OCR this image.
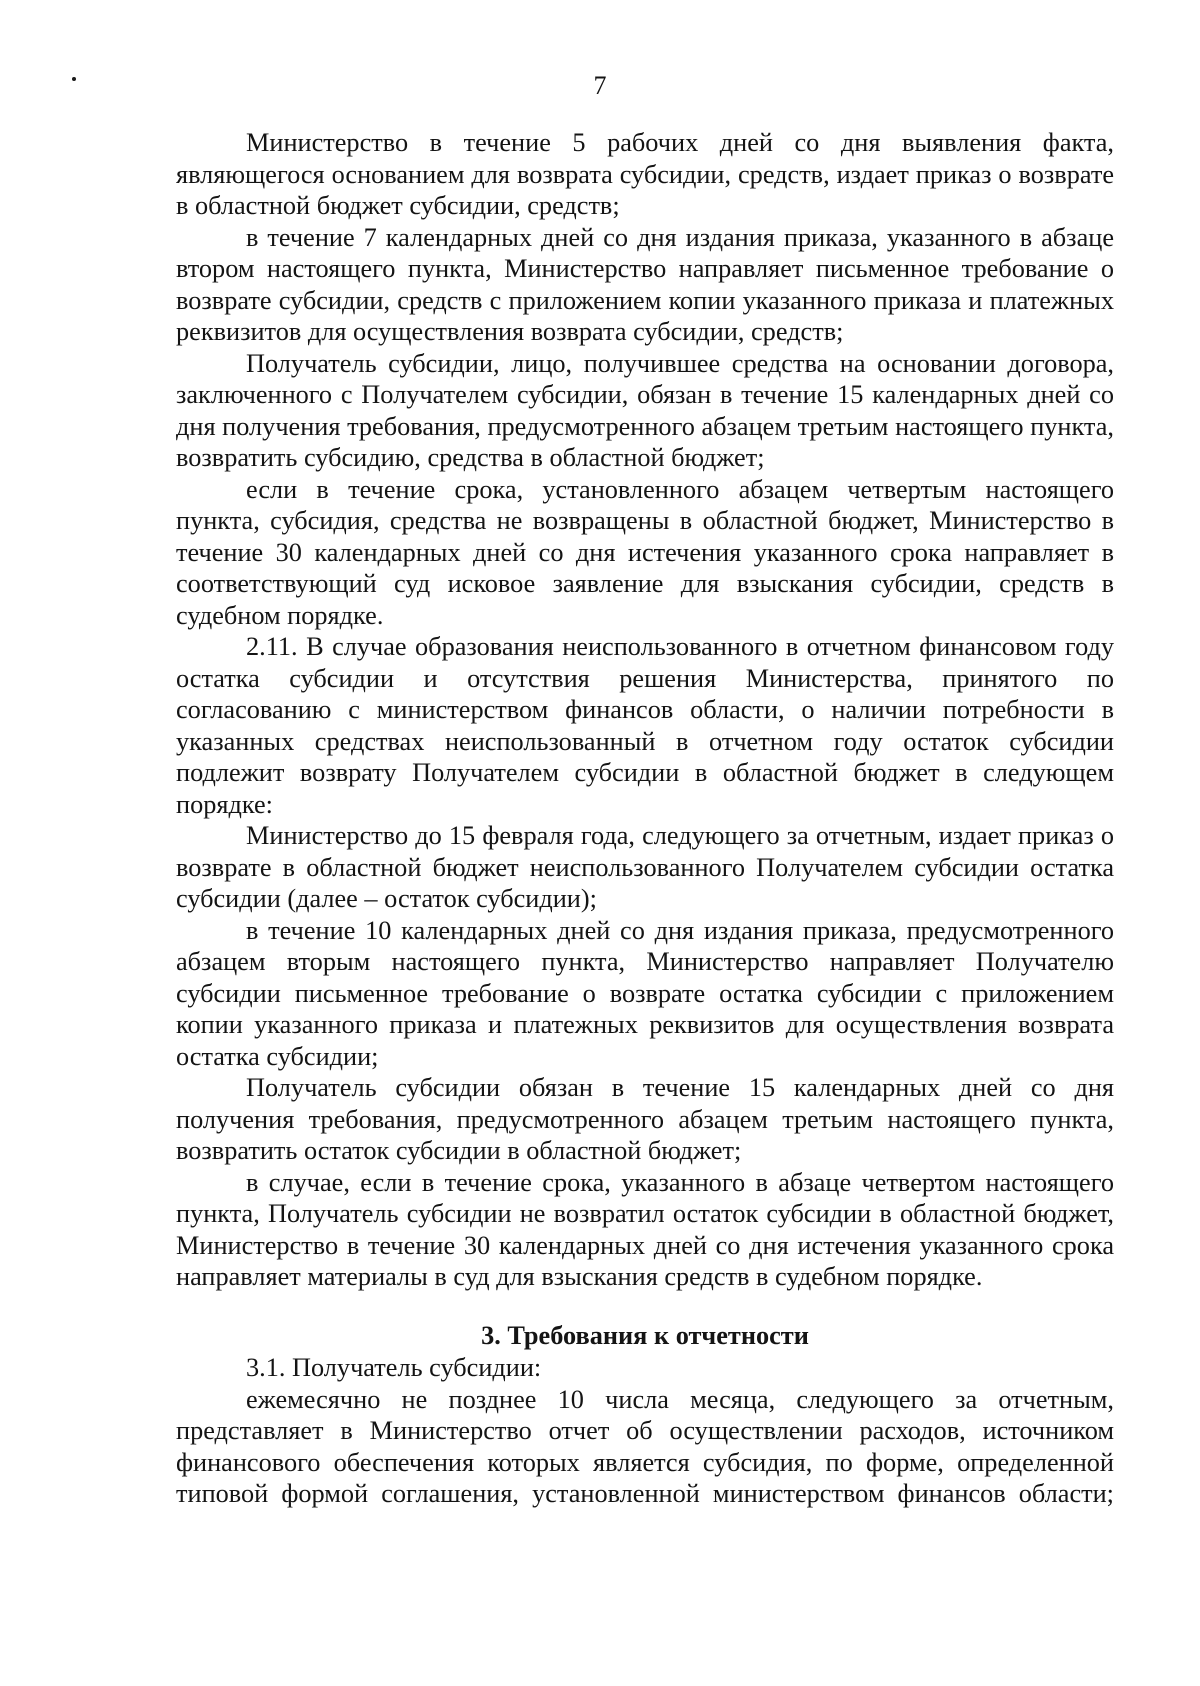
7

Министерство в течение 5 рабочих дней со дня выявления факта, являющегося основанием для возврата субсидии, средств, издает приказ о возврате в областной бюджет субсидии, средств;

в течение 7 календарных дней со дня издания приказа, указанного в абзаце втором настоящего пункта, Министерство направляет письменное требование о возврате субсидии, средств с приложением копии указанного приказа и платежных реквизитов для осуществления возврата субсидии, средств;

Получатель субсидии, лицо, получившее средства на основании договора, заключенного с Получателем субсидии, обязан в течение 15 календарных дней со дня получения требования, предусмотренного абзацем третьим настоящего пункта, возвратить субсидию, средства в областной бюджет;

если в течение срока, установленного абзацем четвертым настоящего пункта, субсидия, средства не возвращены в областной бюджет, Министерство в течение 30 календарных дней со дня истечения указанного срока направляет в соответствующий суд исковое заявление для взыскания субсидии, средств в судебном порядке.

2.11. В случае образования неиспользованного в отчетном финансовом году остатка субсидии и отсутствия решения Министерства, принятого по согласованию с министерством финансов области, о наличии потребности в указанных средствах неиспользованный в отчетном году остаток субсидии подлежит возврату Получателем субсидии в областной бюджет в следующем порядке:

Министерство до 15 февраля года, следующего за отчетным, издает приказ о возврате в областной бюджет неиспользованного Получателем субсидии остатка субсидии (далее – остаток субсидии);

в течение 10 календарных дней со дня издания приказа, предусмотренного абзацем вторым настоящего пункта, Министерство направляет Получателю субсидии письменное требование о возврате остатка субсидии с приложением копии указанного приказа и платежных реквизитов для осуществления возврата остатка субсидии;

Получатель субсидии обязан в течение 15 календарных дней со дня получения требования, предусмотренного абзацем третьим настоящего пункта, возвратить остаток субсидии в областной бюджет;

в случае, если в течение срока, указанного в абзаце четвертом настоящего пункта, Получатель субсидии не возвратил остаток субсидии в областной бюджет, Министерство в течение 30 календарных дней со дня истечения указанного срока направляет материалы в суд для взыскания средств в судебном порядке.

3. Требования к отчетности

3.1. Получатель субсидии:

ежемесячно не позднее 10 числа месяца, следующего за отчетным, представляет в Министерство отчет об осуществлении расходов, источником финансового обеспечения которых является субсидия, по форме, определенной типовой формой соглашения, установленной министерством финансов области;
